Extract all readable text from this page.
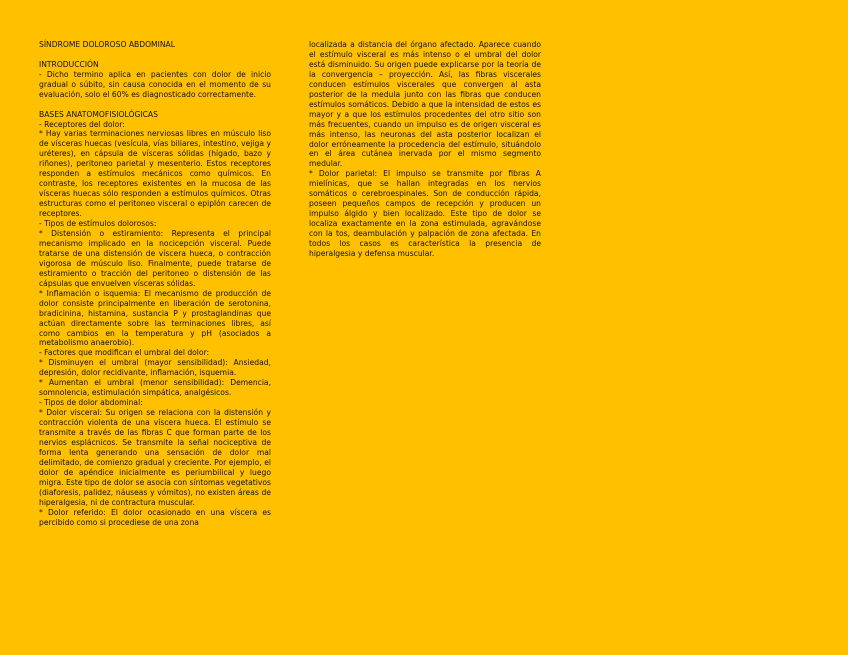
SÍNDROME DOLOROSO ABDOMINAL

INTRODUCCIÓN

- Dicho termino aplica en pacientes con dolor de inicio gradual o súbito, sin causa conocida en el momento de su evaluación, solo el 60% es diagnosticado correctamente.

BASES ANATOMOFISIOLÓGICAS

- Receptores del dolor:

* Hay varias terminaciones nerviosas libres en músculo liso de vísceras huecas (vesícula, vías biliares, intestino, vejiga y uréteres), en cápsula de vísceras sólidas (hígado, bazo y riñones), peritoneo parietal y mesenterio. Estos receptores responden a estímulos mecánicos como químicos. En contraste, los receptores existentes en la mucosa de las vísceras huecas sólo responden a estímulos químicos. Otras estructuras como el peritoneo visceral o epiplón carecen de receptores.

- Tipos de estímulos dolorosos:

* Distensión o estiramiento: Representa el principal mecanismo implicado en la nocicepción visceral. Puede tratarse de una distensión de víscera hueca, o contracción vigorosa de músculo liso. Finalmente, puede tratarse de estiramiento o tracción del peritoneo o distensión de las cápsulas que envuelven vísceras sólidas.

* Inflamación o isquemia: El mecanismo de producción de dolor consiste principalmente en liberación de serotonina, bradicinina, histamina, sustancia P y prostaglandinas que actúan directamente sobre las terminaciones libres, así como cambios en la temperatura y pH (asociados a metabolismo anaerobio).

- Factores que modifican el umbral del dolor:

* Disminuyen el umbral (mayor sensibilidad): Ansiedad, depresión, dolor recidivante, inflamación, isquemia.

* Aumentan el umbral (menor sensibilidad): Demencia, somnolencia, estimulación simpática, analgésicos.

- Tipos de dolor abdominal:

* Dolor visceral: Su origen se relaciona con la distensión y contracción violenta de una víscera hueca. El estímulo se transmite a través de las fibras C que forman parte de los nervios esplácnicos. Se transmite la señal nociceptiva de forma lenta generando una sensación de dolor mal delimitado, de comienzo gradual y creciente. Por ejemplo, el dolor de apéndice inicialmente es periumbilical y luego migra. Este tipo de dolor se asocia con síntomas vegetativos (diaforesis, palidez, náuseas y vómitos), no existen áreas de hiperalgesia, ni de contractura muscular.

* Dolor referido: El dolor ocasionado en una víscera es percibido como si procediese de una zona

localizada a distancia del órgano afectado. Aparece cuando el estímulo visceral es más intenso o el umbral del dolor está disminuido. Su origen puede explicarse por la teoría de la convergencia – proyección. Así, las fibras viscerales conducen estímulos viscerales que convergen al asta posterior de la medula junto con las fibras que conducen estímulos somáticos. Debido a que la intensidad de estos es mayor y a que los estímulos procedentes del otro sitio son más frecuentes, cuando un impulso es de origen visceral es más intenso, las neuronas del asta posterior localizan el dolor erróneamente la procedencia del estímulo, situándolo en el área cutánea inervada por el mismo segmento medular.

* Dolor parietal: El impulso se transmite por fibras A mielínicas, que se hallan integradas en los nervios somáticos o cerebroespinales. Son de conducción rápida, poseen pequeños campos de recepción y producen un impulso álgido y bien localizado. Este tipo de dolor se localiza exactamente en la zona estimulada, agravándose con la tos, deambulación y palpación de zona afectada. En todos los casos es característica la presencia de hiperalgesia y defensa muscular.
